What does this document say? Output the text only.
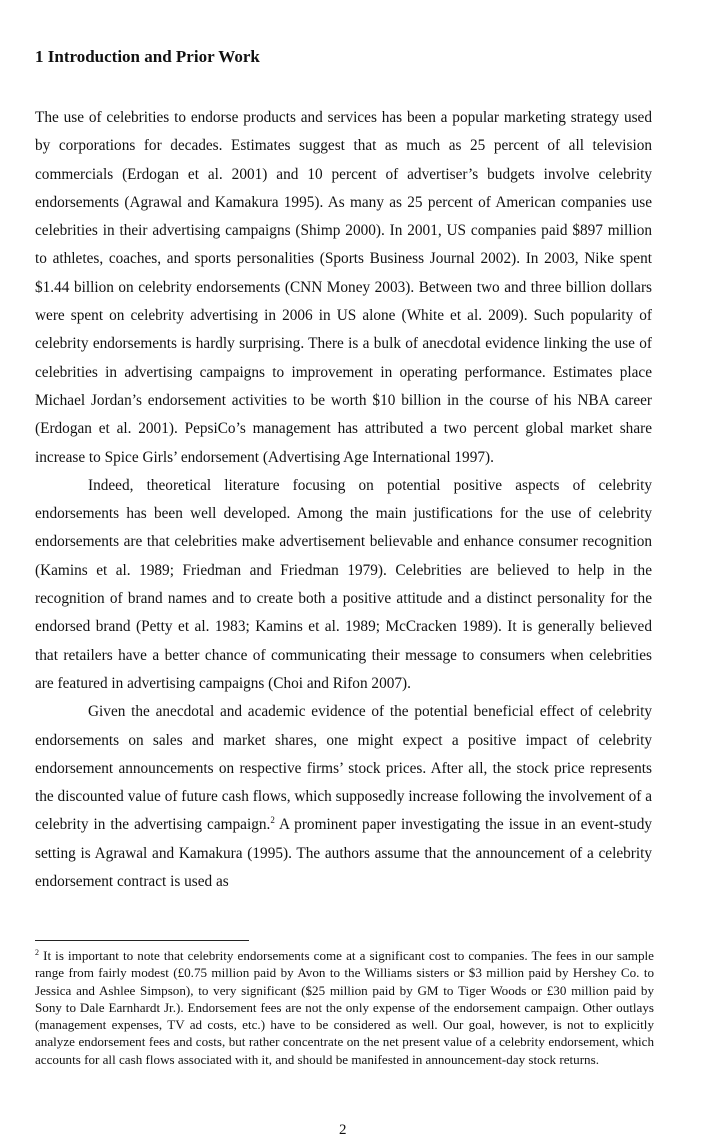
1 Introduction and Prior Work

The use of celebrities to endorse products and services has been a popular marketing strategy used by corporations for decades. Estimates suggest that as much as 25 percent of all television commercials (Erdogan et al. 2001) and 10 percent of advertiser’s budgets involve celebrity endorsements (Agrawal and Kamakura 1995). As many as 25 percent of American companies use celebrities in their advertising campaigns (Shimp 2000). In 2001, US companies paid $897 million to athletes, coaches, and sports personalities (Sports Business Journal 2002). In 2003, Nike spent $1.44 billion on celebrity endorsements (CNN Money 2003). Between two and three billion dollars were spent on celebrity advertising in 2006 in US alone (White et al. 2009). Such popularity of celebrity endorsements is hardly surprising. There is a bulk of anecdotal evidence linking the use of celebrities in advertising campaigns to improvement in operating performance. Estimates place Michael Jordan’s endorsement activities to be worth $10 billion in the course of his NBA career (Erdogan et al. 2001). PepsiCo’s management has attributed a two percent global market share increase to Spice Girls’ endorsement (Advertising Age International 1997).

Indeed, theoretical literature focusing on potential positive aspects of celebrity endorsements has been well developed. Among the main justifications for the use of celebrity endorsements are that celebrities make advertisement believable and enhance consumer recognition (Kamins et al. 1989; Friedman and Friedman 1979). Celebrities are believed to help in the recognition of brand names and to create both a positive attitude and a distinct personality for the endorsed brand (Petty et al. 1983; Kamins et al. 1989; McCracken 1989). It is generally believed that retailers have a better chance of communicating their message to consumers when celebrities are featured in advertising campaigns (Choi and Rifon 2007).

Given the anecdotal and academic evidence of the potential beneficial effect of celebrity endorsements on sales and market shares, one might expect a positive impact of celebrity endorsement announcements on respective firms’ stock prices. After all, the stock price represents the discounted value of future cash flows, which supposedly increase following the involvement of a celebrity in the advertising campaign.$^2$ A prominent paper investigating the issue in an event-study setting is Agrawal and Kamakura (1995). The authors assume that the announcement of a celebrity endorsement contract is used as

$^2$ It is important to note that celebrity endorsements come at a significant cost to companies. The fees in our sample range from fairly modest (£0.75 million paid by Avon to the Williams sisters or $3 million paid by Hershey Co. to Jessica and Ashlee Simpson), to very significant ($25 million paid by GM to Tiger Woods or £30 million paid by Sony to Dale Earnhardt Jr.). Endorsement fees are not the only expense of the endorsement campaign. Other outlays (management expenses, TV ad costs, etc.) have to be considered as well. Our goal, however, is not to explicitly analyze endorsement fees and costs, but rather concentrate on the net present value of a celebrity endorsement, which accounts for all cash flows associated with it, and should be manifested in announcement-day stock returns.

2
